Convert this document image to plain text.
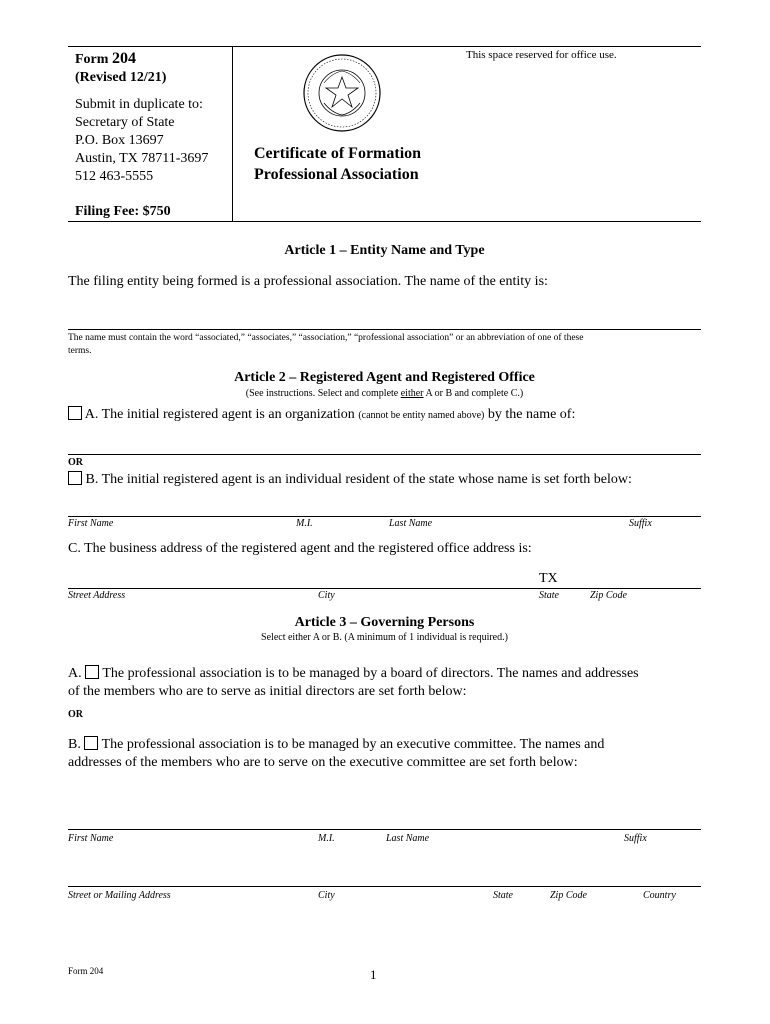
Form 204
(Revised 12/21)
Submit in duplicate to:
Secretary of State
P.O. Box 13697
Austin, TX 78711-3697
512 463-5555
Filing Fee: $750
This space reserved for office use.
Certificate of Formation
Professional Association
Article 1 – Entity Name and Type
The filing entity being formed is a professional association. The name of the entity is:
The name must contain the word “associated,” “associates,” “association,” “professional association” or an abbreviation of one of these
terms.
Article 2 – Registered Agent and Registered Office
(See instructions. Select and complete either A or B and complete C.)
A. The initial registered agent is an organization (cannot be entity named above) by the name of:
OR
B. The initial registered agent is an individual resident of the state whose name is set forth below:
First Name	M.I.	Last Name	Suffix
C. The business address of the registered agent and the registered office address is:
TX
Street Address	City	State	Zip Code
Article 3 – Governing Persons
Select either A or B. (A minimum of 1 individual is required.)
A. The professional association is to be managed by a board of directors. The names and addresses
of the members who are to serve as initial directors are set forth below:
OR
B. The professional association is to be managed by an executive committee. The names and
addresses of the members who are to serve on the executive committee are set forth below:
First Name	M.I.	Last Name	Suffix
Street or Mailing Address	City	State	Zip Code	Country
Form 204	1
